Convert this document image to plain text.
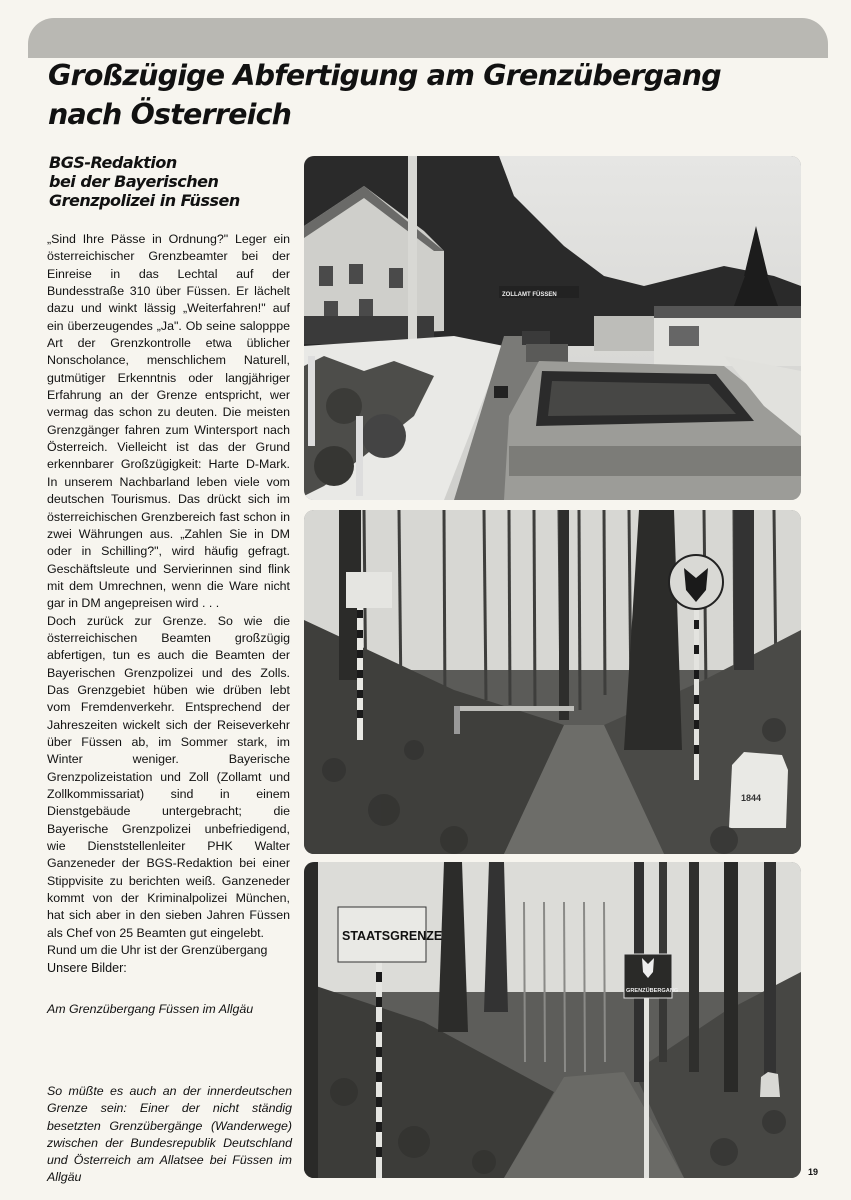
Großzügige Abfertigung am Grenzübergang
nach Österreich
BGS-Redaktion
bei der Bayerischen
Grenzpolizei in Füssen

„Sind Ihre Pässe in Ordnung?" Leger ein österreichischer Grenzbeamter bei der Einreise in das Lechtal auf der Bundesstraße 310 über Füssen. Er lächelt dazu und winkt lässig „Weiterfahren!" auf ein überzeugendes „Ja". Ob seine salopppe Art der Grenzkontrolle etwa üblicher Nonscholance, menschlichem Naturell, gutmütiger Erkenntnis oder langjähriger Erfahrung an der Grenze entspricht, wer vermag das schon zu deuten. Die meisten Grenzgänger fahren zum Wintersport nach Österreich. Vielleicht ist das der Grund erkennbarer Großzügigkeit: Harte D-Mark. In unserem Nachbarland leben viele vom deutschen Tourismus. Das drückt sich im österreichischen Grenzbereich fast schon in zwei Währungen aus. „Zahlen Sie in DM oder in Schilling?", wird häufig gefragt. Geschäftsleute und Servierinnen sind flink mit dem Umrechnen, wenn die Ware nicht gar in DM angepreisen wird . . .

Doch zurück zur Grenze. So wie die österreichischen Beamten großzügig abfertigen, tun es auch die Beamten der Bayerischen Grenzpolizei und des Zolls. Das Grenzgebiet hüben wie drüben lebt vom Fremdenverkehr. Entsprechend der Jahreszeiten wickelt sich der Reiseverkehr über Füssen ab, im Sommer stark, im Winter weniger. Bayerische Grenzpolizeistation und Zoll (Zollamt und Zollkommissariat) sind in einem Dienstgebäude untergebracht; die Bayerische Grenzpolizei unbefriedigend, wie Dienststellenleiter PHK Walter Ganzeneder der BGS-Redaktion bei einer Stippvisite zu berichten weiß. Ganzeneder kommt von der Kriminalpolizei München, hat sich aber in den sieben Jahren Füssen als Chef von 25 Beamten gut eingelebt.

Rund um die Uhr ist der Grenzübergang

Unsere Bilder:
Am Grenzübergang Füssen im Allgäu
So müßte es auch an der innerdeutschen Grenze sein: Einer der nicht ständig besetzten Grenzübergänge (Wanderwege) zwischen der Bundesrepublik Deutschland und Österreich am Allatsee bei Füssen im Allgäu
ZOLLAMT FÜSSEN
1844
STAATSGRENZE
GRENZÜBERGANG
19
